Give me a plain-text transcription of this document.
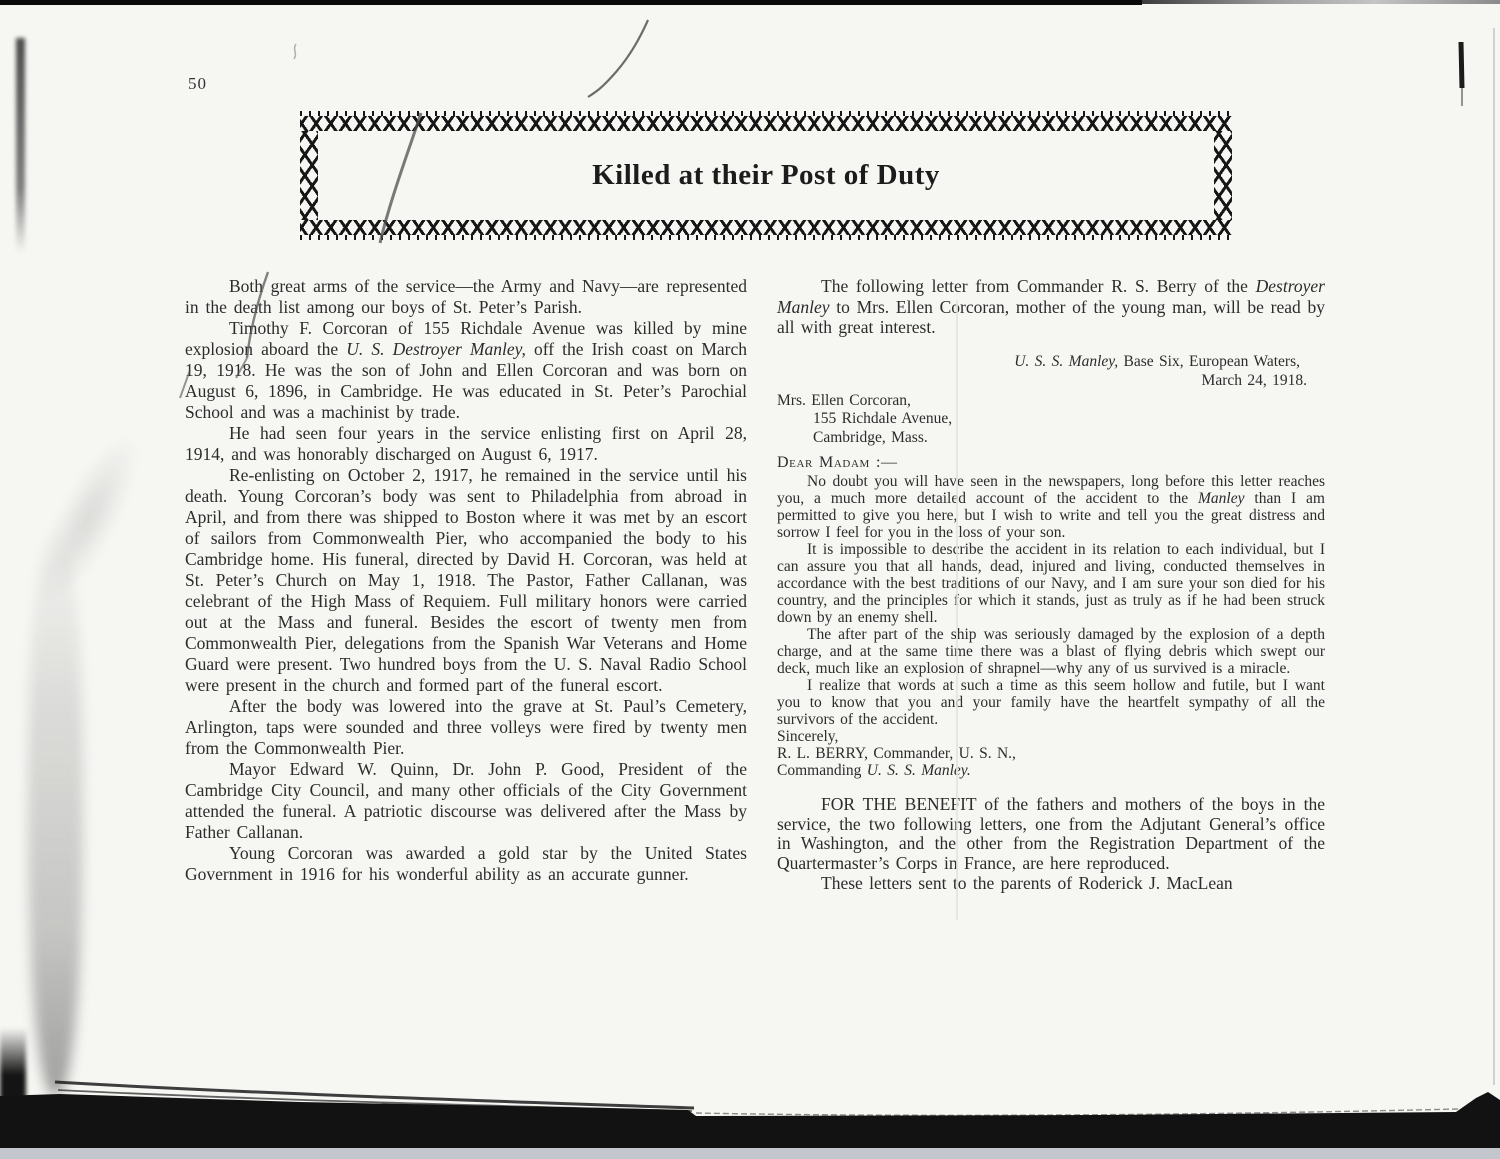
50
Killed at their Post of Duty

Both great arms of the service—the Army and Navy—are represented in the death list among our boys of St. Peter’s Parish.

Timothy F. Corcoran of 155 Richdale Avenue was killed by mine explosion aboard the U. S. Destroyer Manley, off the Irish coast on March 19, 1918. He was the son of John and Ellen Corcoran and was born on August 6, 1896, in Cambridge. He was educated in St. Peter’s Parochial School and was a machinist by trade.

He had seen four years in the service enlisting first on April 28, 1914, and was honorably discharged on August 6, 1917.

Re-enlisting on October 2, 1917, he remained in the service until his death. Young Corcoran’s body was sent to Philadelphia from abroad in April, and from there was shipped to Boston where it was met by an escort of sailors from Commonwealth Pier, who accompanied the body to his Cambridge home. His funeral, directed by David H. Corcoran, was held at St. Peter’s Church on May 1, 1918. The Pastor, Father Callanan, was celebrant of the High Mass of Requiem. Full military honors were carried out at the Mass and funeral. Besides the escort of twenty men from Commonwealth Pier, delegations from the Spanish War Veterans and Home Guard were present. Two hundred boys from the U. S. Naval Radio School were present in the church and formed part of the funeral escort.

After the body was lowered into the grave at St. Paul’s Cemetery, Arlington, taps were sounded and three volleys were fired by twenty men from the Commonwealth Pier.

Mayor Edward W. Quinn, Dr. John P. Good, President of the Cambridge City Council, and many other officials of the City Government attended the funeral. A patriotic discourse was delivered after the Mass by Father Callanan.

Young Corcoran was awarded a gold star by the United States Government in 1916 for his wonderful ability as an accurate gunner.

The following letter from Commander R. S. Berry of the Destroyer Manley to Mrs. Ellen Corcoran, mother of the young man, will be read by all with great interest.

U. S. S. Manley, Base Six, European Waters,
March 24, 1918.
Mrs. Ellen Corcoran,
155 Richdale Avenue,
Cambridge, Mass.
Dear Madam :—

No doubt you will have seen in the newspapers, long before this letter reaches you, a much more detailed account of the accident to the Manley than I am permitted to give you here, but I wish to write and tell you the great distress and sorrow I feel for you in the loss of your son.

It is impossible to describe the accident in its relation to each individual, but I can assure you that all hands, dead, injured and living, conducted themselves in accordance with the best traditions of our Navy, and I am sure your son died for his country, and the principles for which it stands, just as truly as if he had been struck down by an enemy shell.

The after part of the ship was seriously damaged by the explosion of a depth charge, and at the same time there was a blast of flying debris which swept our deck, much like an explosion of shrapnel—why any of us survived is a miracle.

I realize that words at such a time as this seem hollow and futile, but I want you to know that you and your family have the heartfelt sympathy of all the survivors of the accident.

Sincerely,

R. L. BERRY, Commander, U. S. N.,

Commanding U. S. S. Manley.

FOR THE BENEFIT of the fathers and mothers of the boys in the service, the two following letters, one from the Adjutant General’s office in Washington, and the other from the Registration Department of the Quartermaster’s Corps in France, are here reproduced.

These letters sent to the parents of Roderick J. MacLean
